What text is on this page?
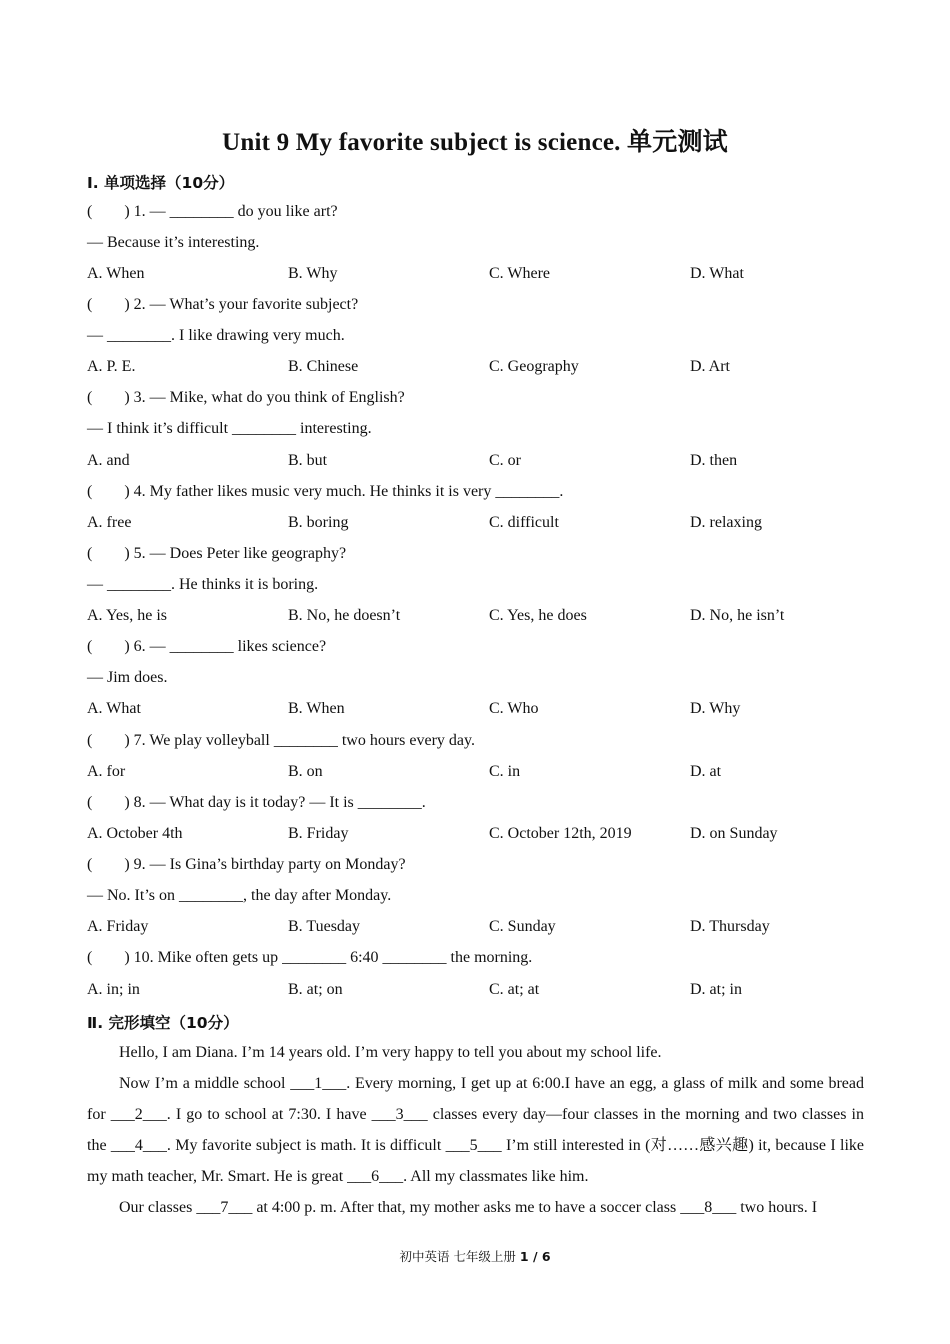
Unit 9 My favorite subject is science. 单元测试
I. 单项选择（10分）
(        ) 1. — ________ do you like art?
— Because it’s interesting.
A. When	B. Why	C. Where	D. What
(        ) 2. — What’s your favorite subject?
— ________. I like drawing very much.
A. P. E.	B. Chinese	C. Geography	D. Art
(        ) 3. — Mike, what do you think of English?
— I think it’s difficult ________ interesting.
A. and	B. but	C. or	D. then
(        ) 4. My father likes music very much. He thinks it is very ________.
A. free	B. boring	C. difficult	D. relaxing
(        ) 5. — Does Peter like geography?
— ________. He thinks it is boring.
A. Yes, he is	B. No, he doesn’t	C. Yes, he does	D. No, he isn’t
(        ) 6. — ________ likes science?
— Jim does.
A. What	B. When	C. Who	D. Why
(        ) 7. We play volleyball ________ two hours every day.
A. for	B. on	C. in	D. at
(        ) 8. — What day is it today? — It is ________.
A. October 4th	B. Friday	C. October 12th, 2019	D. on Sunday
(        ) 9. — Is Gina’s birthday party on Monday?
— No. It’s on ________, the day after Monday.
A. Friday	B. Tuesday	C. Sunday	D. Thursday
(        ) 10. Mike often gets up ________ 6:40 ________ the morning.
A. in; in	B. at; on	C. at; at	D. at; in
Ⅱ. 完形填空（10分）
Hello, I am Diana. I’m 14 years old. I’m very happy to tell you about my school life.
Now I’m a middle school ___1___. Every morning, I get up at 6:00.I have an egg, a glass of milk and some bread for ___2___. I go to school at 7:30. I have ___3___ classes every day—four classes in the morning and two classes in the ___4___. My favorite subject is math. It is difficult ___5___ I’m still interested in (对……感兴趣) it, because I like my math teacher, Mr. Smart. He is great ___6___. All my classmates like him.
Our classes ___7___ at 4:00 p. m. After that, my mother asks me to have a soccer class ___8___ two hours. I
初中英语 七年级上册 1 / 6
